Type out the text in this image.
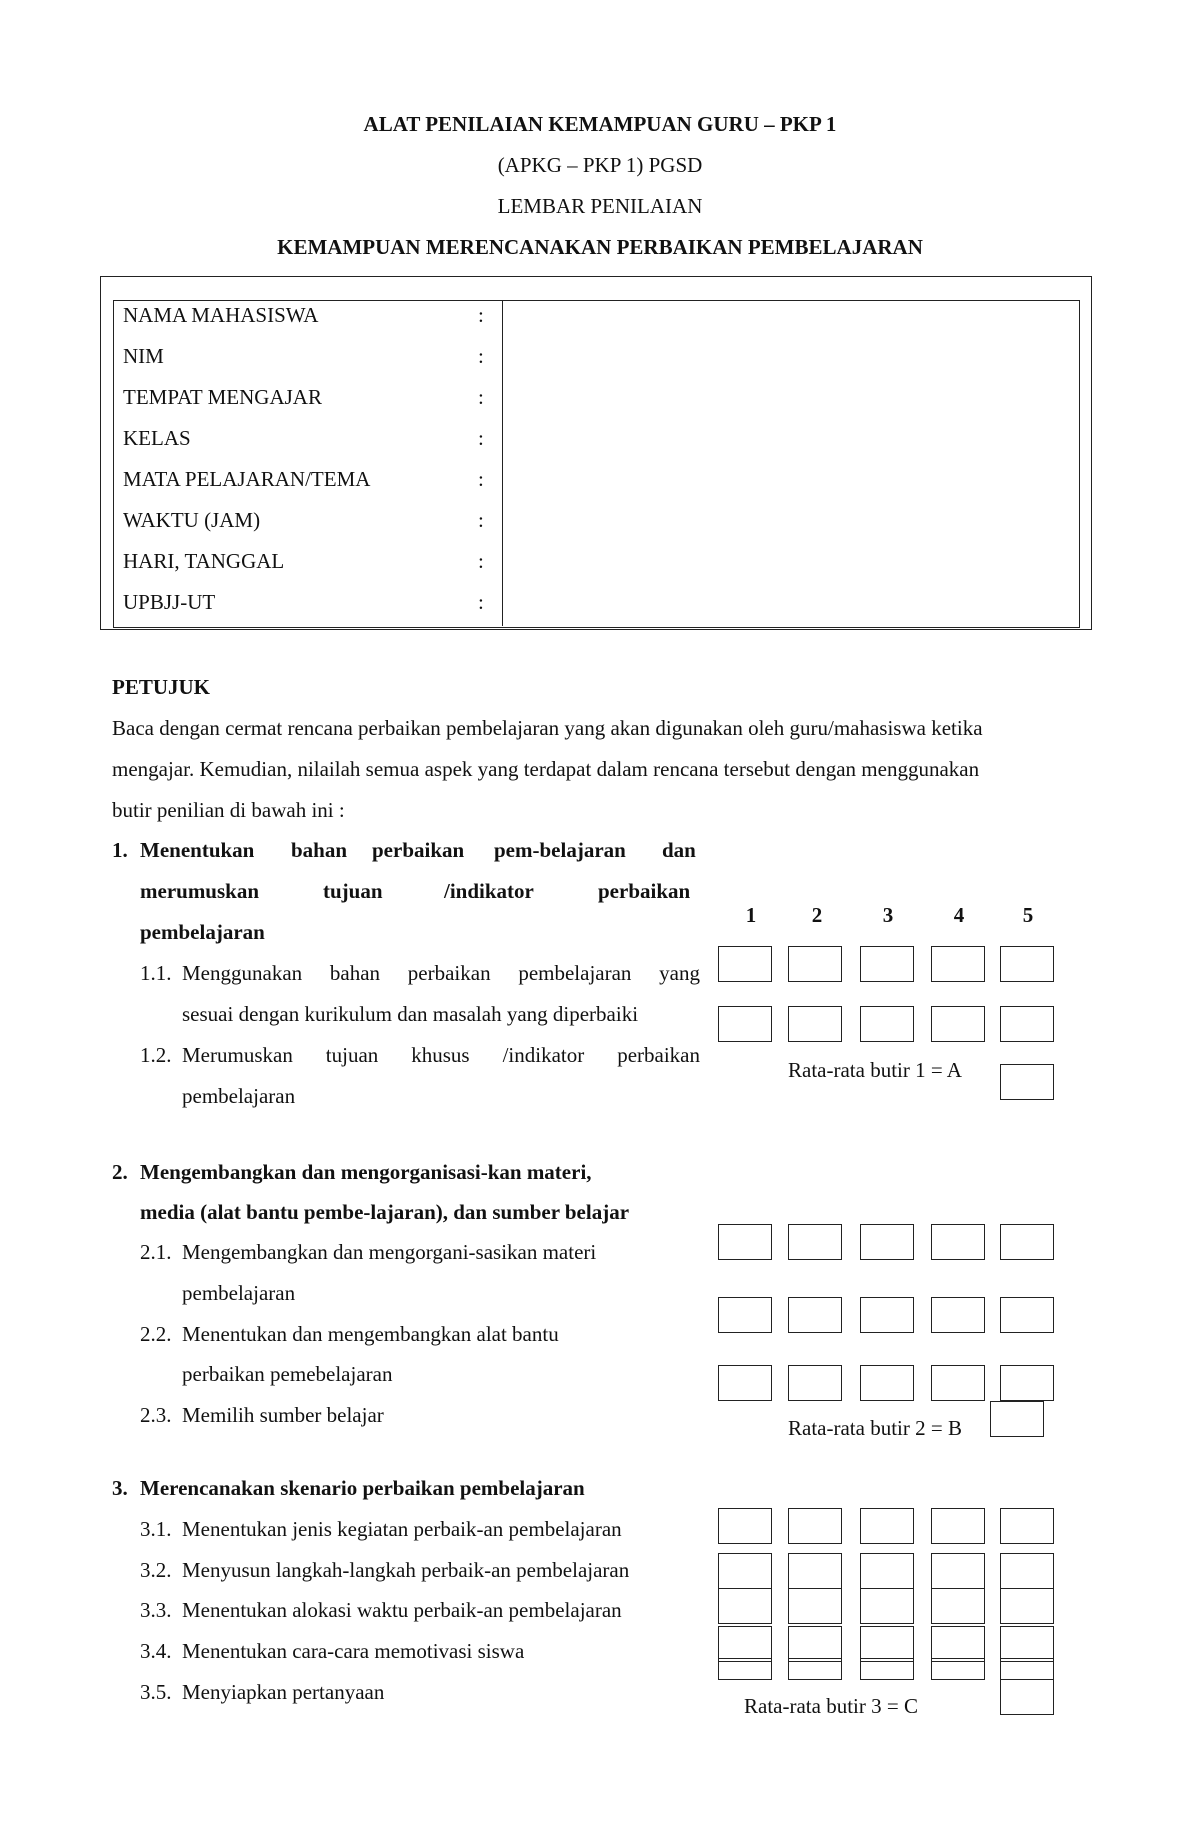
ALAT PENILAIAN KEMAMPUAN GURU – PKP 1
(APKG – PKP 1) PGSD
LEMBAR PENILAIAN
KEMAMPUAN MERENCANAKAN PERBAIKAN PEMBELAJARAN
NAMA MAHASISWA	:
NIM	:
TEMPAT MENGAJAR	:
KELAS	:
MATA PELAJARAN/TEMA	:
WAKTU (JAM)	:
HARI, TANGGAL	:
UPBJJ-UT	:
PETUJUK
Baca dengan cermat rencana perbaikan pembelajaran yang akan digunakan oleh guru/mahasiswa ketika
mengajar. Kemudian, nilailah semua aspek yang terdapat dalam rencana tersebut dengan menggunakan
butir penilian di bawah ini :
1. Menentukan bahan perbaikan pem-belajaran dan
merumuskan	tujuan	/indikator	perbaikan
pembelajaran
1	2	3	4	5
1.1. Menggunakan bahan perbaikan pembelajaran yang
sesuai dengan kurikulum dan masalah yang diperbaiki
1.2. Merumuskan tujuan khusus /indikator perbaikan
pembelajaran
Rata-rata butir 1 = A
2. Mengembangkan dan mengorganisasi-kan materi,
media (alat bantu pembe-lajaran), dan sumber belajar
2.1. Mengembangkan dan mengorgani-sasikan materi
pembelajaran
2.2. Menentukan dan mengembangkan alat bantu
perbaikan pemebelajaran
2.3. Memilih sumber belajar
Rata-rata butir 2 = B
3. Merencanakan skenario perbaikan pembelajaran
3.1. Menentukan jenis kegiatan perbaik-an pembelajaran
3.2. Menyusun langkah-langkah perbaik-an pembelajaran
3.3. Menentukan alokasi waktu perbaik-an pembelajaran
3.4. Menentukan cara-cara memotivasi siswa
3.5. Menyiapkan pertanyaan
Rata-rata butir 3 = C
